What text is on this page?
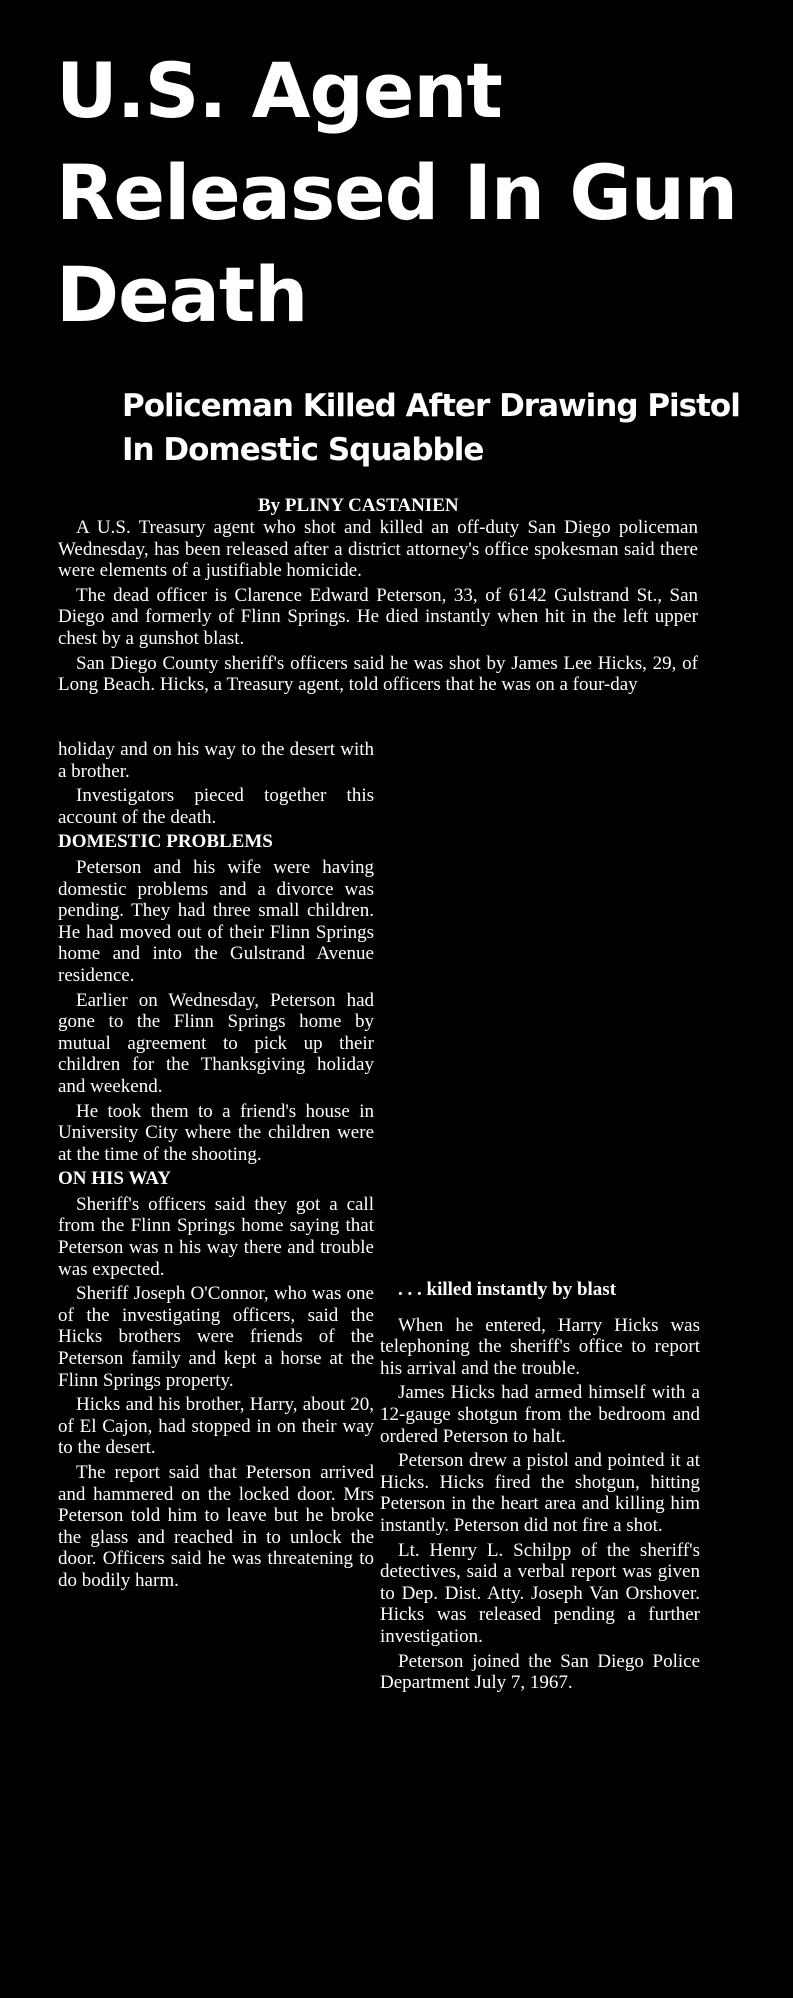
U.S. Agent Released In Gun Death
Policeman Killed After Drawing Pistol In Domestic Squabble
By PLINY CASTANIEN

A U.S. Treasury agent who shot and killed an off-duty San Diego policeman Wednesday, has been released after a district attorney's office spokesman said there were elements of a justifiable homicide.

The dead officer is Clarence Edward Peterson, 33, of 6142 Gulstrand St., San Diego and formerly of Flinn Springs. He died instantly when hit in the left upper chest by a gunshot blast.

San Diego County sheriff's officers said he was shot by James Lee Hicks, 29, of Long Beach. Hicks, a Treasury agent, told officers that he was on a four-day

holiday and on his way to the desert with a brother.

Investigators pieced together this account of the death.

DOMESTIC PROBLEMS

Peterson and his wife were having domestic problems and a divorce was pending. They had three small children. He had moved out of their Flinn Springs home and into the Gulstrand Avenue residence.

Earlier on Wednesday, Peterson had gone to the Flinn Springs home by mutual agreement to pick up their children for the Thanksgiving holiday and weekend.

He took them to a friend's house in University City where the children were at the time of the shooting.

ON HIS WAY

Sheriff's officers said they got a call from the Flinn Springs home saying that Peterson was n his way there and trouble was expected.

Sheriff Joseph O'Connor, who was one of the investigating officers, said the Hicks brothers were friends of the Peterson family and kept a horse at the Flinn Springs property.

Hicks and his brother, Harry, about 20, of El Cajon, had stopped in on their way to the desert.

The report said that Peterson arrived and hammered on the locked door. Mrs Peterson told him to leave but he broke the glass and reached in to unlock the door. Officers said he was threatening to do bodily harm.

. . . killed instantly by blast

When he entered, Harry Hicks was telephoning the sheriff's office to report his arrival and the trouble.

James Hicks had armed himself with a 12-gauge shotgun from the bedroom and ordered Peterson to halt.

Peterson drew a pistol and pointed it at Hicks. Hicks fired the shotgun, hitting Peterson in the heart area and killing him instantly. Peterson did not fire a shot.

Lt. Henry L. Schilpp of the sheriff's detectives, said a verbal report was given to Dep. Dist. Atty. Joseph Van Orshover. Hicks was released pending a further investigation.

Peterson joined the San Diego Police Department July 7, 1967.
